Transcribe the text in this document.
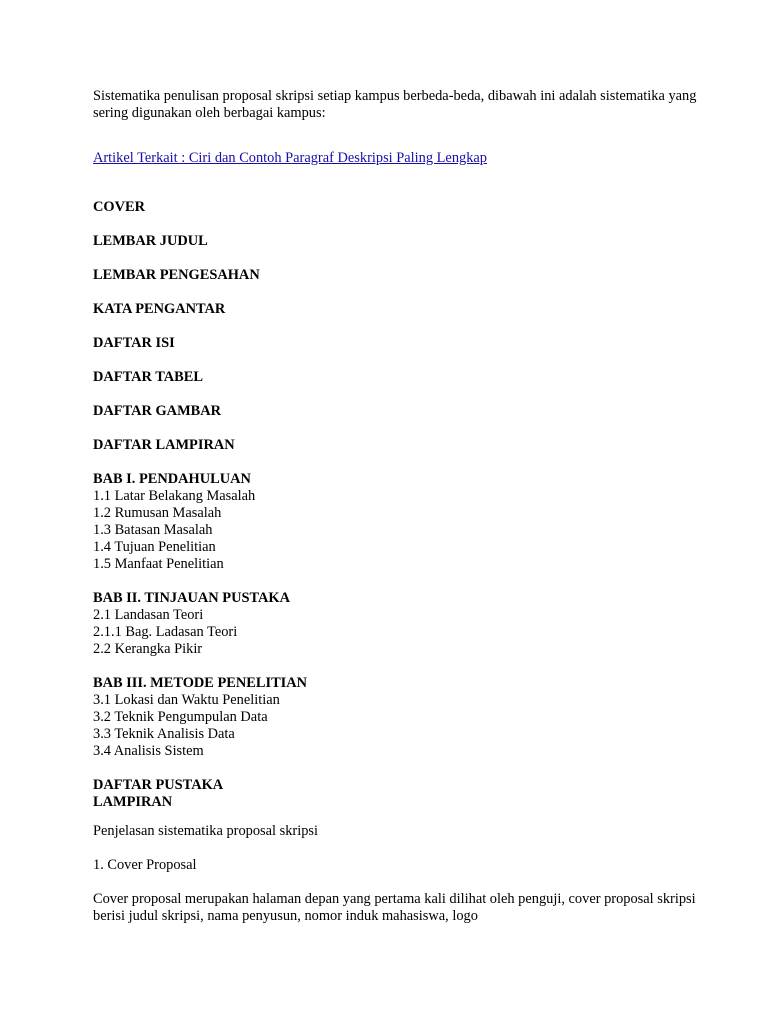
Sistematika penulisan proposal skripsi setiap kampus berbeda-beda, dibawah ini adalah sistematika yang sering digunakan oleh berbagai kampus:

Artikel Terkait : Ciri dan Contoh Paragraf Deskripsi Paling Lengkap
COVER
LEMBAR JUDUL
LEMBAR PENGESAHAN
KATA PENGANTAR
DAFTAR ISI
DAFTAR TABEL
DAFTAR GAMBAR
DAFTAR LAMPIRAN
BAB I. PENDAHULUAN
1.1 Latar Belakang Masalah
1.2 Rumusan Masalah
1.3 Batasan Masalah
1.4 Tujuan Penelitian
1.5 Manfaat Penelitian
BAB II. TINJAUAN PUSTAKA
2.1 Landasan Teori
2.1.1 Bag. Ladasan Teori
2.2 Kerangka Pikir
BAB III. METODE PENELITIAN
3.1 Lokasi dan Waktu Penelitian
3.2 Teknik Pengumpulan Data
3.3 Teknik Analisis Data
3.4 Analisis Sistem
DAFTAR PUSTAKA
LAMPIRAN

Penjelasan sistematika proposal skripsi

1. Cover Proposal

Cover proposal merupakan halaman depan yang pertama kali dilihat oleh penguji, cover proposal skripsi berisi judul skripsi, nama penyusun, nomor induk mahasiswa, logo
